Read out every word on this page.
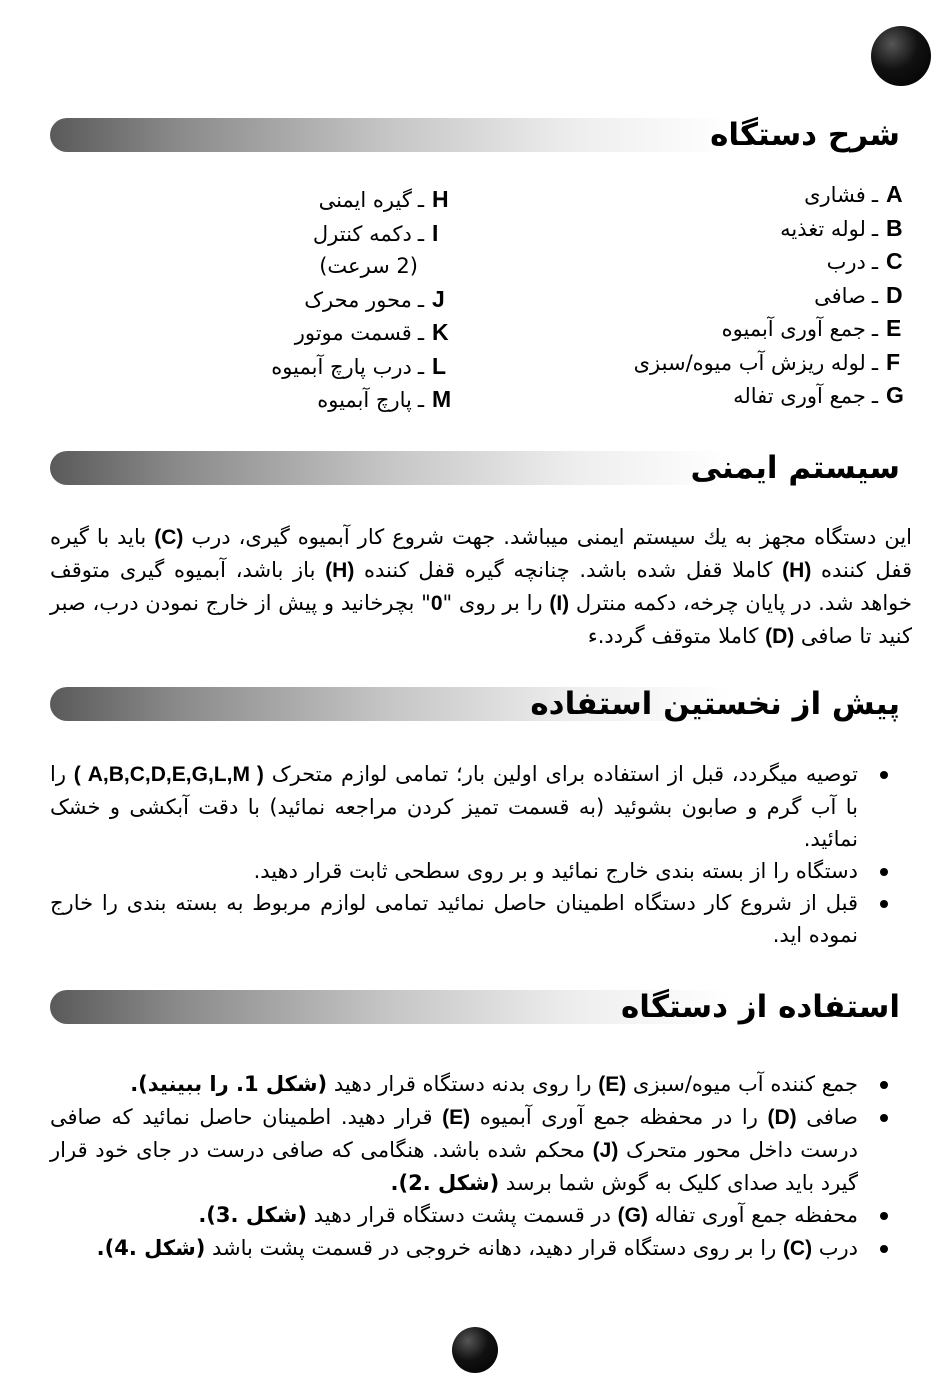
شرح دستگاه
A
ـ
فشاری
B
ـ
لوله تغذیه
C
ـ
درب
D
ـ
صافی
E
ـ
جمع آوری آبمیوه
F
ـ
لوله ریزش آب میوه/سبزی
G
ـ
جمع آوری تفاله
H
ـ
گیره ایمنی
I
ـ
دکمه کنترل
(2 سرعت)
J
ـ
محور محرک
K
ـ
قسمت موتور
L
ـ
درب پارچ آبمیوه
M
ـ
پارچ آبمیوه
سیستم ایمنی
این دستگاه مجهز به یك سیستم ایمنی میباشد. جهت شروع کار آبمیوه گیری، درب (C) باید با گیره قفل کننده (H) کاملا قفل شده باشد. چنانچه گیره قفل کننده (H) باز باشد، آبمیوه گیری متوقف خواهد شد. در پایان چرخه، دکمه منترل (I) را بر روی "0" بچرخانید و پیش از خارج نمودن درب، صبر کنید تا صافی (D) کاملا متوقف گردد.ء
پیش از نخستین استفاده
توصیه میگردد، قبل از استفاده برای اولین بار؛ تمامی لوازم متحرک ( A,B,C,D,E,G,L,M ) را با آب گرم و صابون بشوئید (به قسمت تمیز کردن مراجعه نمائید) با دقت آبکشی و خشک نمائید.
دستگاه را از بسته بندی خارج نمائید و بر روی سطحی ثابت قرار دهید.
قبل از شروع کار دستگاه اطمینان حاصل نمائید تمامی لوازم مربوط به بسته بندی را خارج نموده اید.
استفاده از دستگاه
جمع کننده آب میوه/سبزی (E) را روی بدنه دستگاه قرار دهید (شکل 1. را ببینید).
صافی (D) را در محفظه جمع آوری آبمیوه (E) قرار دهید. اطمینان حاصل نمائید که صافی درست داخل محور متحرک (J) محکم شده باشد. هنگامی که صافی درست در جای خود قرار گیرد باید صدای کلیک به گوش شما برسد (شکل .2).
محفظه جمع آوری تفاله (G) در قسمت پشت دستگاه قرار دهید (شکل .3).
درب (C) را بر روی دستگاه قرار دهید، دهانه خروجی در قسمت پشت باشد (شکل .4).
